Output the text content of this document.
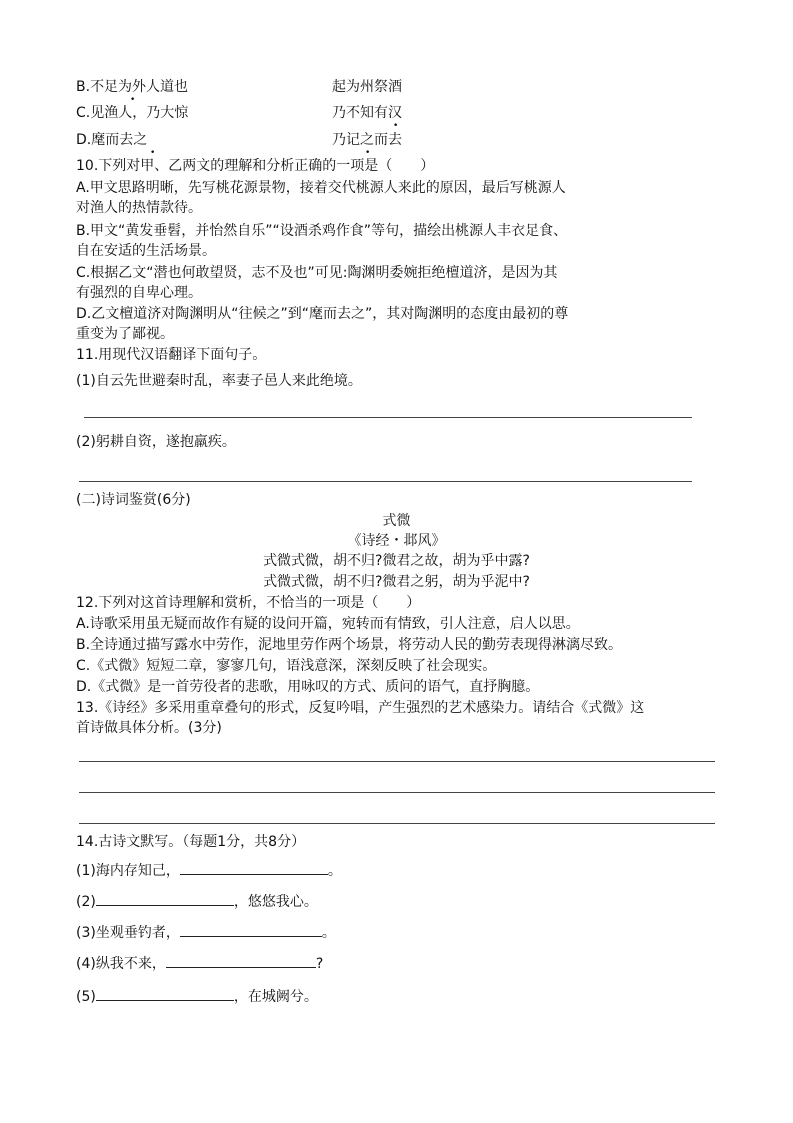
B.不足为外人道也	起为州祭酒
C.见渔人，乃大惊	乃不知有汉
D.麾而去之	乃记之而去
•
•
•	•
10.下列对甲、乙两文的理解和分析正确的一项是（　　）
A.甲文思路明晰，先写桃花源景物，接着交代桃源人来此的原因，最后写桃源人
对渔人的热情款待。
B.甲文“黄发垂髫，并怡然自乐”“设酒杀鸡作食”等句，描绘出桃源人丰衣足食、
自在安适的生活场景。
C.根据乙文“潜也何敢望贤，志不及也”可见:陶渊明委婉拒绝檀道济，是因为其
有强烈的自卑心理。
D.乙文檀道济对陶渊明从“往候之”到“麾而去之”，其对陶渊明的态度由最初的尊
重变为了鄙视。
11.用现代汉语翻译下面句子。
(1)自云先世避秦时乱，率妻子邑人来此绝境。
(2)躬耕自资，遂抱羸疾。
(二)诗词鉴赏(6分)
式微
《诗经・邶风》
式微式微，胡不归?微君之故，胡为乎中露?
式微式微，胡不归?微君之躬，胡为乎泥中?
12.下列对这首诗理解和赏析，不恰当的一项是（　　）
A.诗歌采用虽无疑而故作有疑的设问开篇，宛转而有情致，引人注意，启人以思。
B.全诗通过描写露水中劳作，泥地里劳作两个场景，将劳动人民的勤劳表现得淋漓尽致。
C.《式微》短短二章，寥寥几句，语浅意深，深刻反映了社会现实。
D.《式微》是一首劳役者的悲歌，用咏叹的方式、质问的语气，直抒胸臆。
13.《诗经》多采用重章叠句的形式，反复吟唱，产生强烈的艺术感染力。请结合《式微》这
首诗做具体分析。(3分)
14.古诗文默写。（每题1分，共8分）
(1)海内存知己，	。
(2)	，悠悠我心。
(3)坐观垂钓者，	。
(4)纵我不来，	?
(5)	，在城阙兮。
